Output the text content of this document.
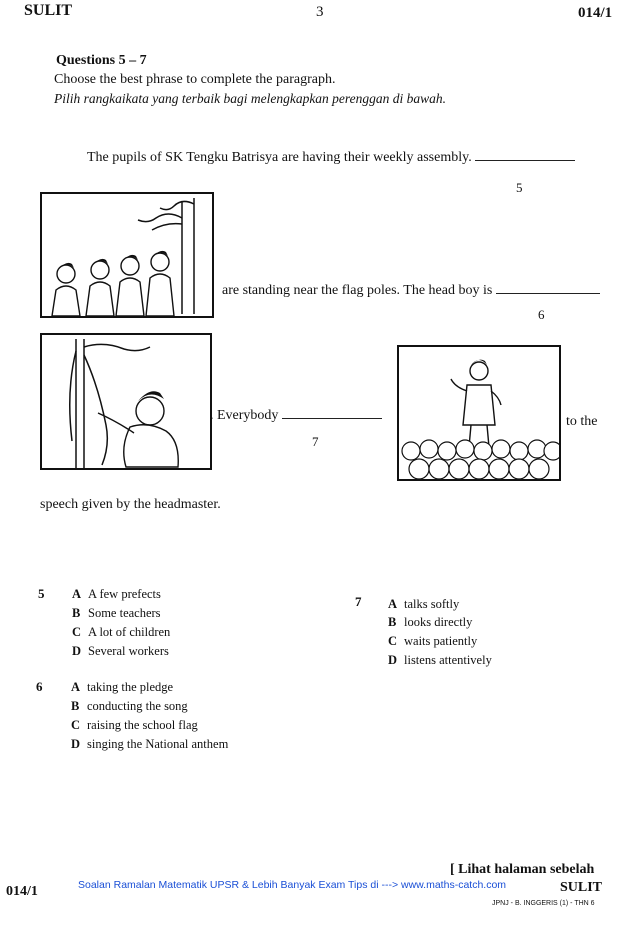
SULIT	3	014/1
Questions 5 – 7
Choose the best phrase to complete the paragraph.
Pilih rangkaikata yang terbaik bagi melengkapkan perenggan di bawah.
The pupils of SK Tengku Batrisya are having their weekly assembly.
5
are standing near the flag poles. The head boy is
6
. Everybody
7
to the
speech given by the headmaster.
5 A A few prefects
B Some teachers
C A lot of children
D Several workers
7 A talks softly
B looks directly
C waits patiently
D listens attentively
6 A taking the pledge
B conducting the song
C raising the school flag
D singing the National anthem
[ Lihat halaman sebelah
014/1	Soalan Ramalan Matematik UPSR & Lebih Banyak Exam Tips di ---> www.maths-catch.com	SULIT
JPNJ - B. INGGERIS (1) - THN 6
